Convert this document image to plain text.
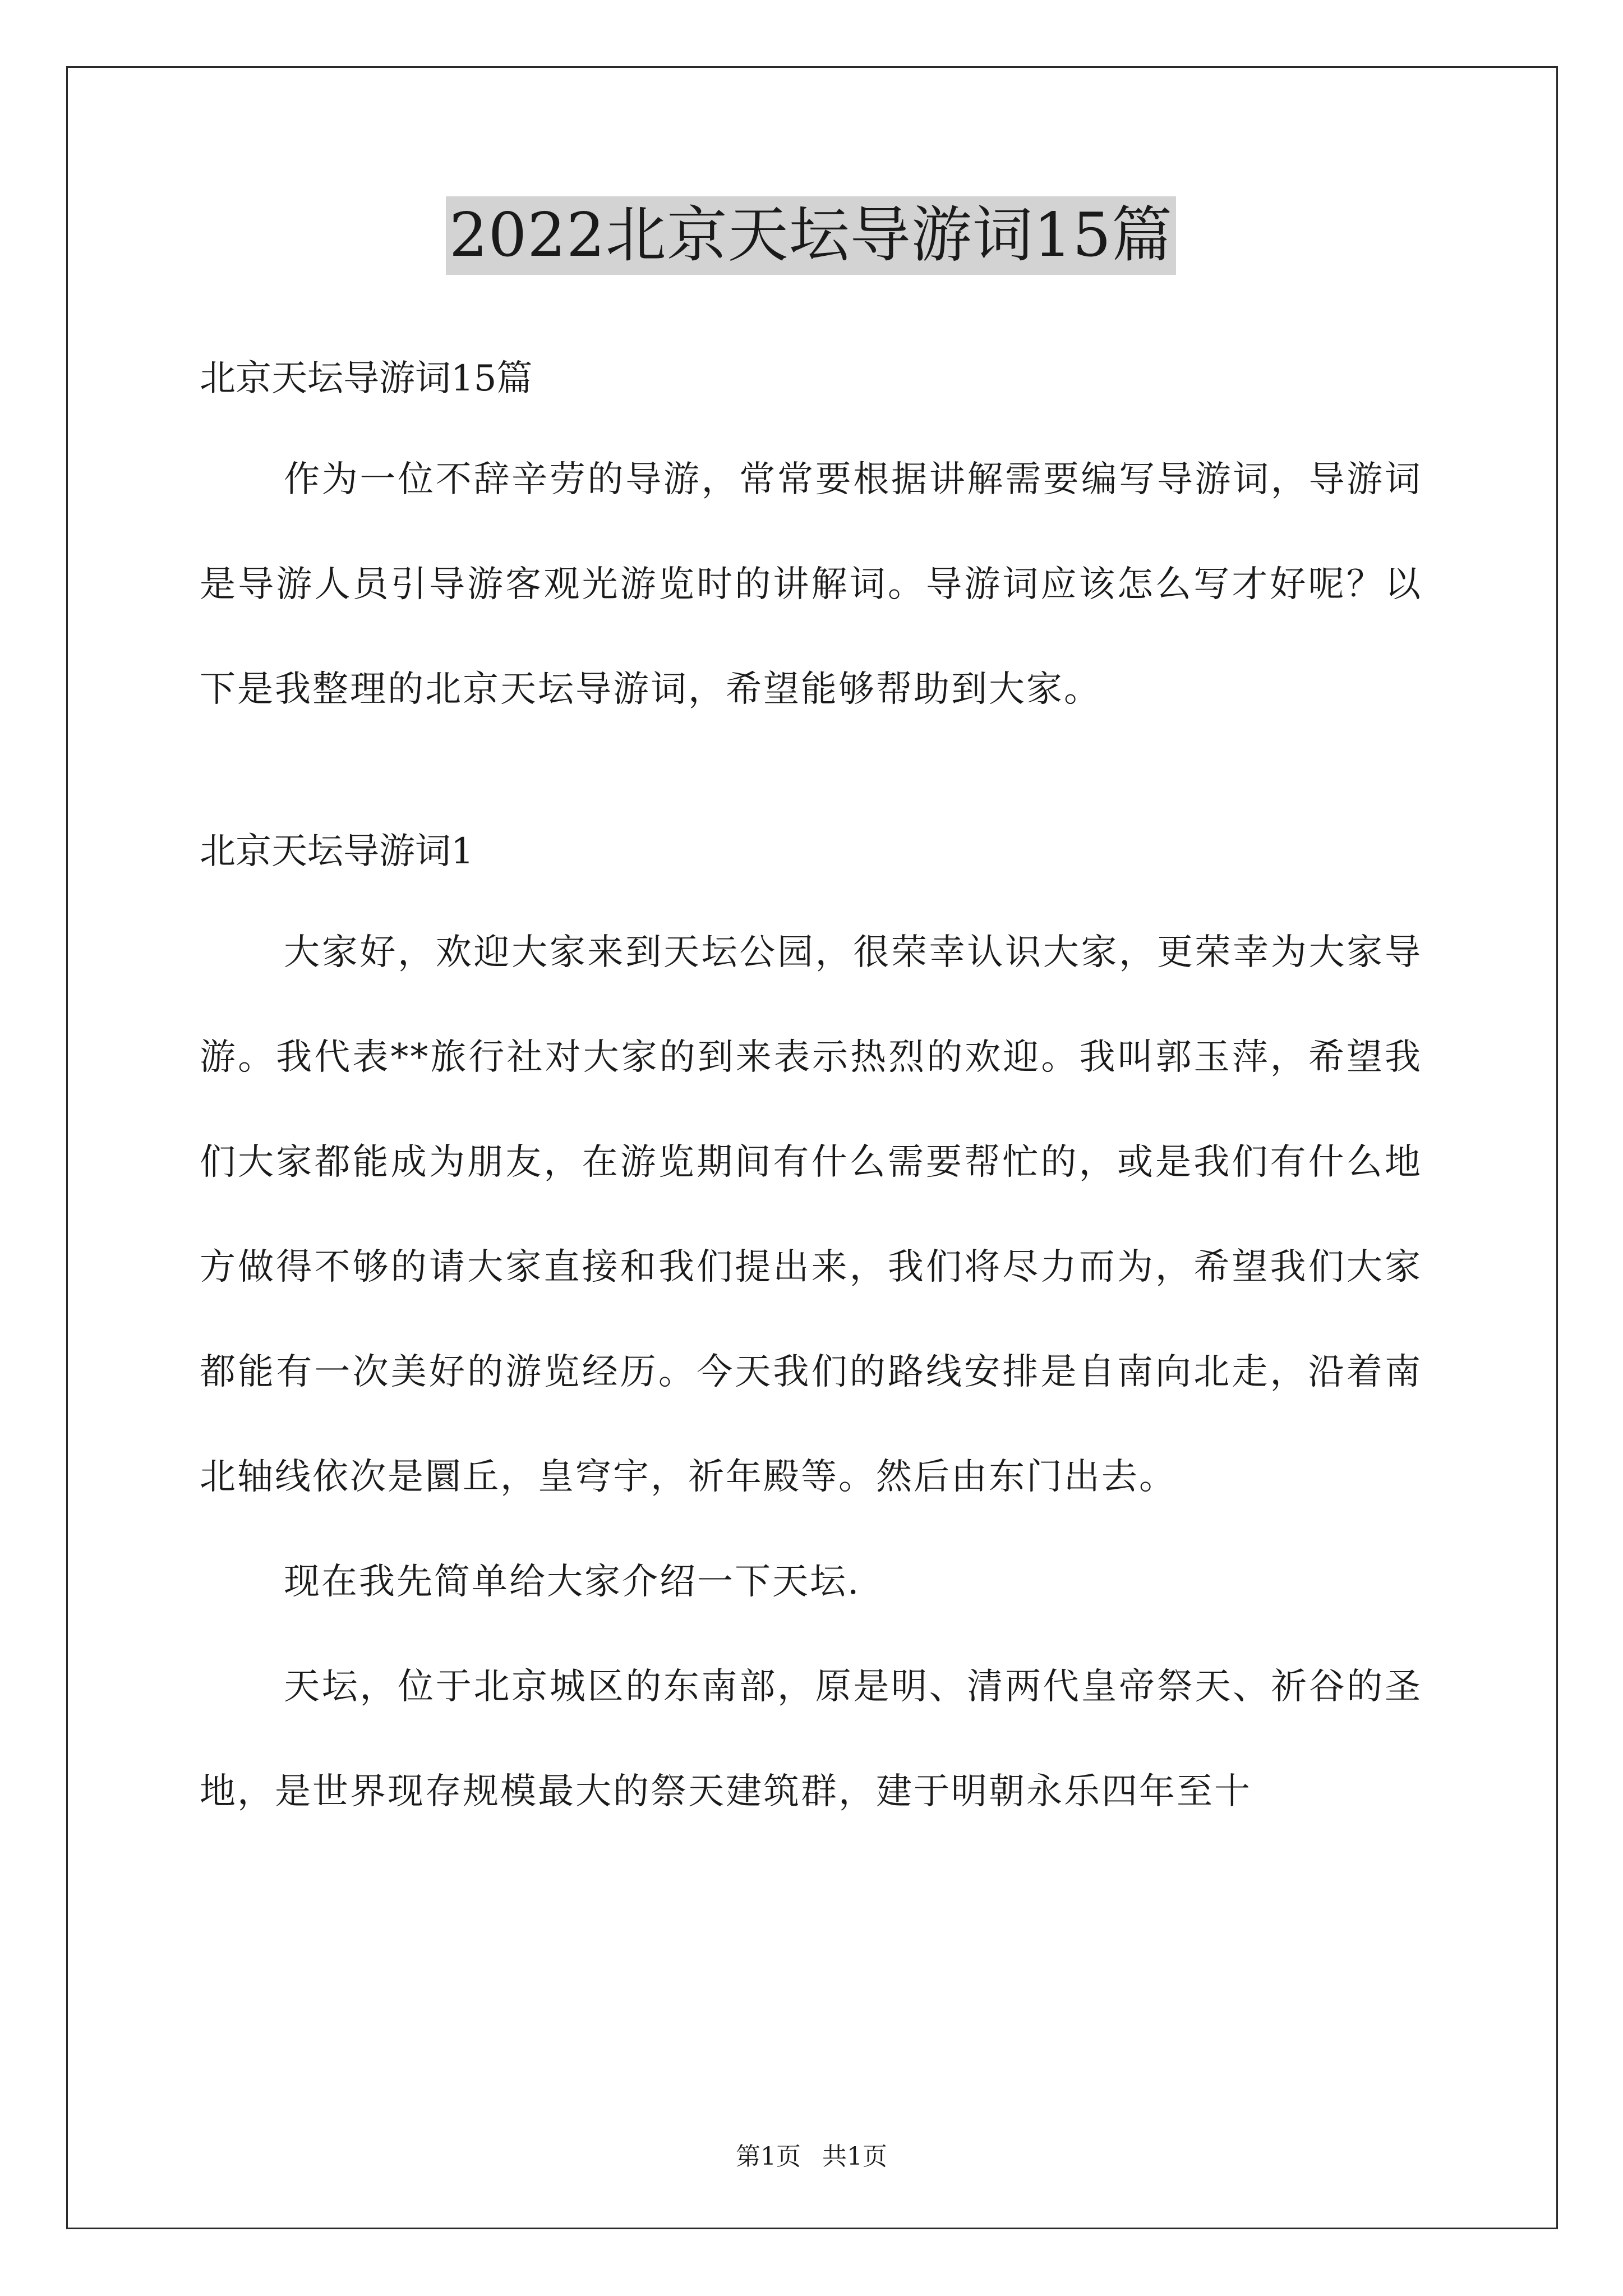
2022北京天坛导游词15篇
北京天坛导游词15篇

作为一位不辞辛劳的导游，常常要根据讲解需要编写导游词，导游词是导游人员引导游客观光游览时的讲解词。导游词应该怎么写才好呢？以下是我整理的北京天坛导游词，希望能够帮助到大家。

北京天坛导游词1

大家好，欢迎大家来到天坛公园，很荣幸认识大家，更荣幸为大家导游。我代表**旅行社对大家的到来表示热烈的欢迎。我叫郭玉萍，希望我们大家都能成为朋友，在游览期间有什么需要帮忙的，或是我们有什么地方做得不够的请大家直接和我们提出来，我们将尽力而为，希望我们大家都能有一次美好的游览经历。今天我们的路线安排是自南向北走，沿着南北轴线依次是圜丘，皇穹宇，祈年殿等。然后由东门出去。

现在我先简单给大家介绍一下天坛.

天坛，位于北京城区的东南部，原是明、清两代皇帝祭天、祈谷的圣地，是世界现存规模最大的祭天建筑群，建于明朝永乐四年至十

第1页 共1页
